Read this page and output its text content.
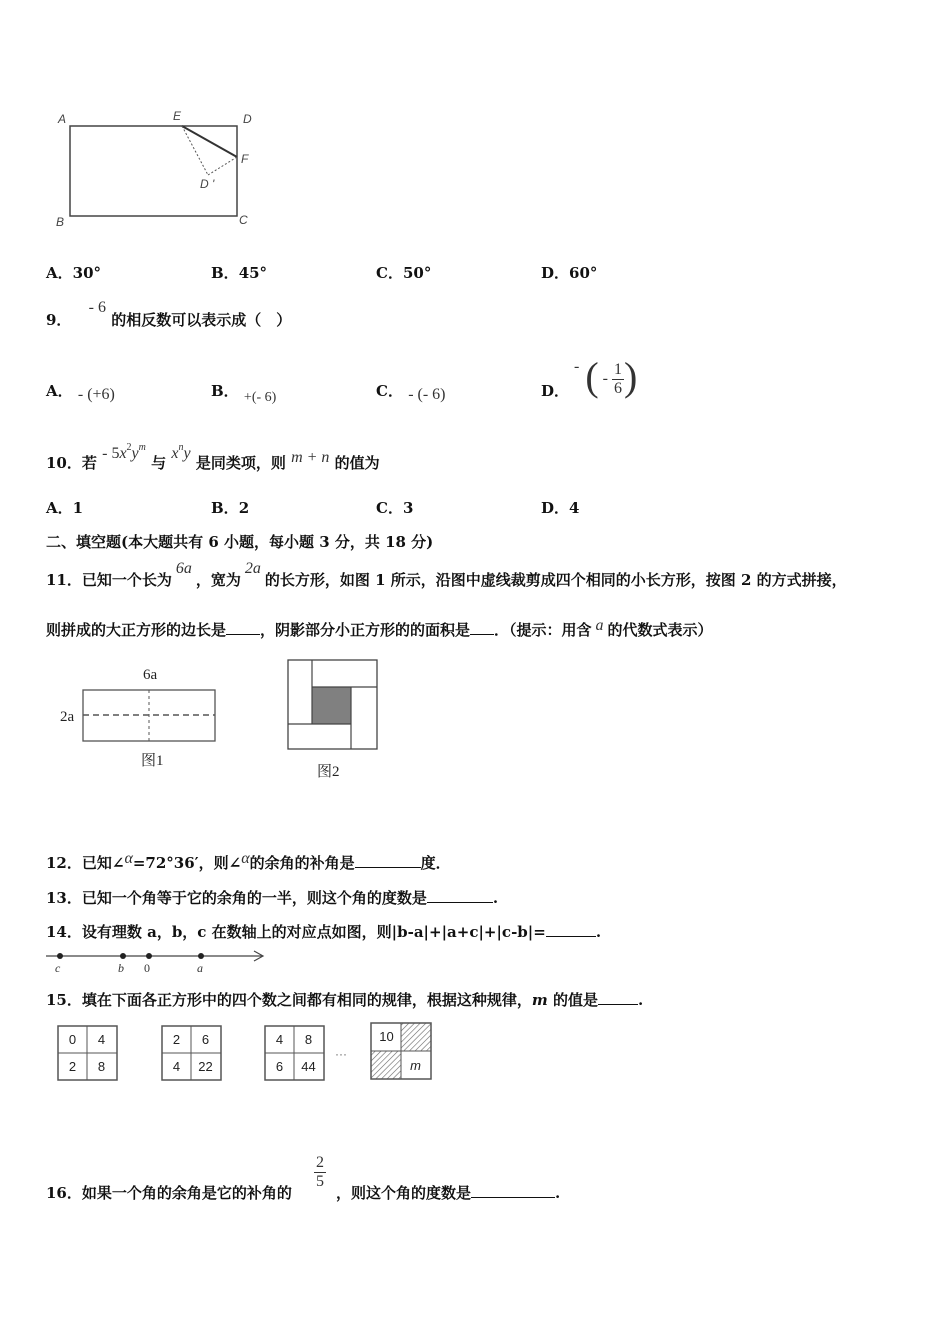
A	E	D
F
D '
B	C
A．30°	B．45°	C．50°	D．60°
9． - 6 的相反数可以表示成（　）
A． - (+6)	B． +(- 6)	C． - (- 6)	D．
- ( - $\frac{1}{6}$ )
10．若 - $5x^2y^m$ 与 $x^ny$ 是同类项，则 m + n 的值为
A．1	B．2	C．3	D．4
二、填空题(本大题共有 6 小题，每小题 3 分，共 18 分)
11．已知一个长为6a，宽为2a的长方形，如图 1 所示，沿图中虚线裁剪成四个相同的小长方形，按图 2 的方式拼接，
则拼成的大正方形的边长是 ，阴影部分小正方形的的面积是 ．（提示：用含 a 的代数式表示）
6a
2a
图1
图2
12．已知∠α=72°36′，则∠α的余角的补角是	度．
13．已知一个角等于它的余角的一半，则这个角的度数是	.
14．设有理数 a，b，c 在数轴上的对应点如图，则|b-a|+|a+c|+|c-b|=	.
c	b 0	a
15．填在下面各正方形中的四个数之间都有相同的规律，根据这种规律，m 的值是	.
0	4
2	8
2	6
4	22
4	8
6	44
···
10
m
16．如果一个角的余角是它的补角的
$\frac{2}{5}$
，则这个角的度数是	.
